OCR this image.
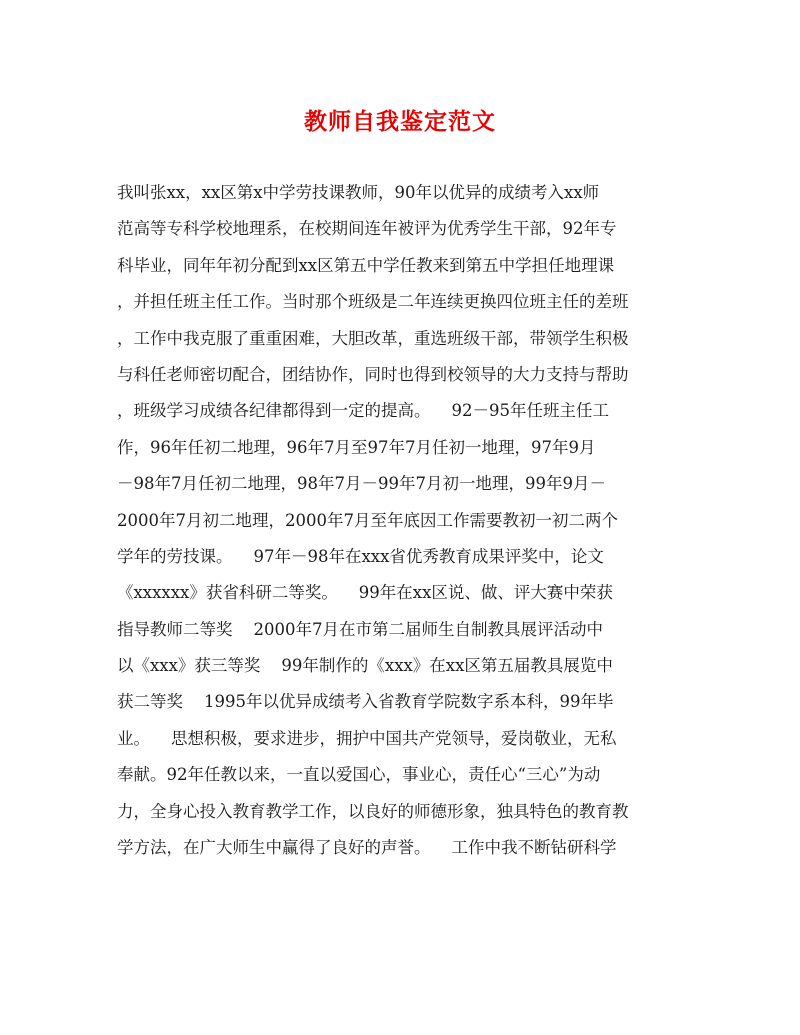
教师自我鉴定范文
我叫张xx，xx区第x中学劳技课教师，90年以优异的成绩考入xx师
范高等专科学校地理系，在校期间连年被评为优秀学生干部，92年专
科毕业，同年年初分配到xx区第五中学任教来到第五中学担任地理课
，并担任班主任工作。当时那个班级是二年连续更换四位班主任的差班
，工作中我克服了重重困难，大胆改革，重选班级干部，带领学生积极
与科任老师密切配合，团结协作，同时也得到校领导的大力支持与帮助
，班级学习成绩各纪律都得到一定的提高。    92－95年任班主任工
作，96年任初二地理，96年7月至97年7月任初一地理，97年9月
－98年7月任初二地理，98年7月－99年7月初一地理，99年9月－
2000年7月初二地理，2000年7月至年底因工作需要教初一初二两个
学年的劳技课。    97年－98年在xxx省优秀教育成果评奖中，论文
《xxxxxx》获省科研二等奖。    99年在xx区说、做、评大赛中荣获
指导教师二等奖    2000年7月在市第二届师生自制教具展评活动中
以《xxx》获三等奖    99年制作的《xxx》在xx区第五届教具展览中
获二等奖    1995年以优异成绩考入省教育学院数字系本科，99年毕
业。    思想积极，要求进步，拥护中国共产党领导，爱岗敬业，无私
奉献。92年任教以来，一直以爱国心，事业心，责任心“三心”为动
力，全身心投入教育教学工作，以良好的师德形象，独具特色的教育教
学方法，在广大师生中赢得了良好的声誉。    工作中我不断钻研科学
